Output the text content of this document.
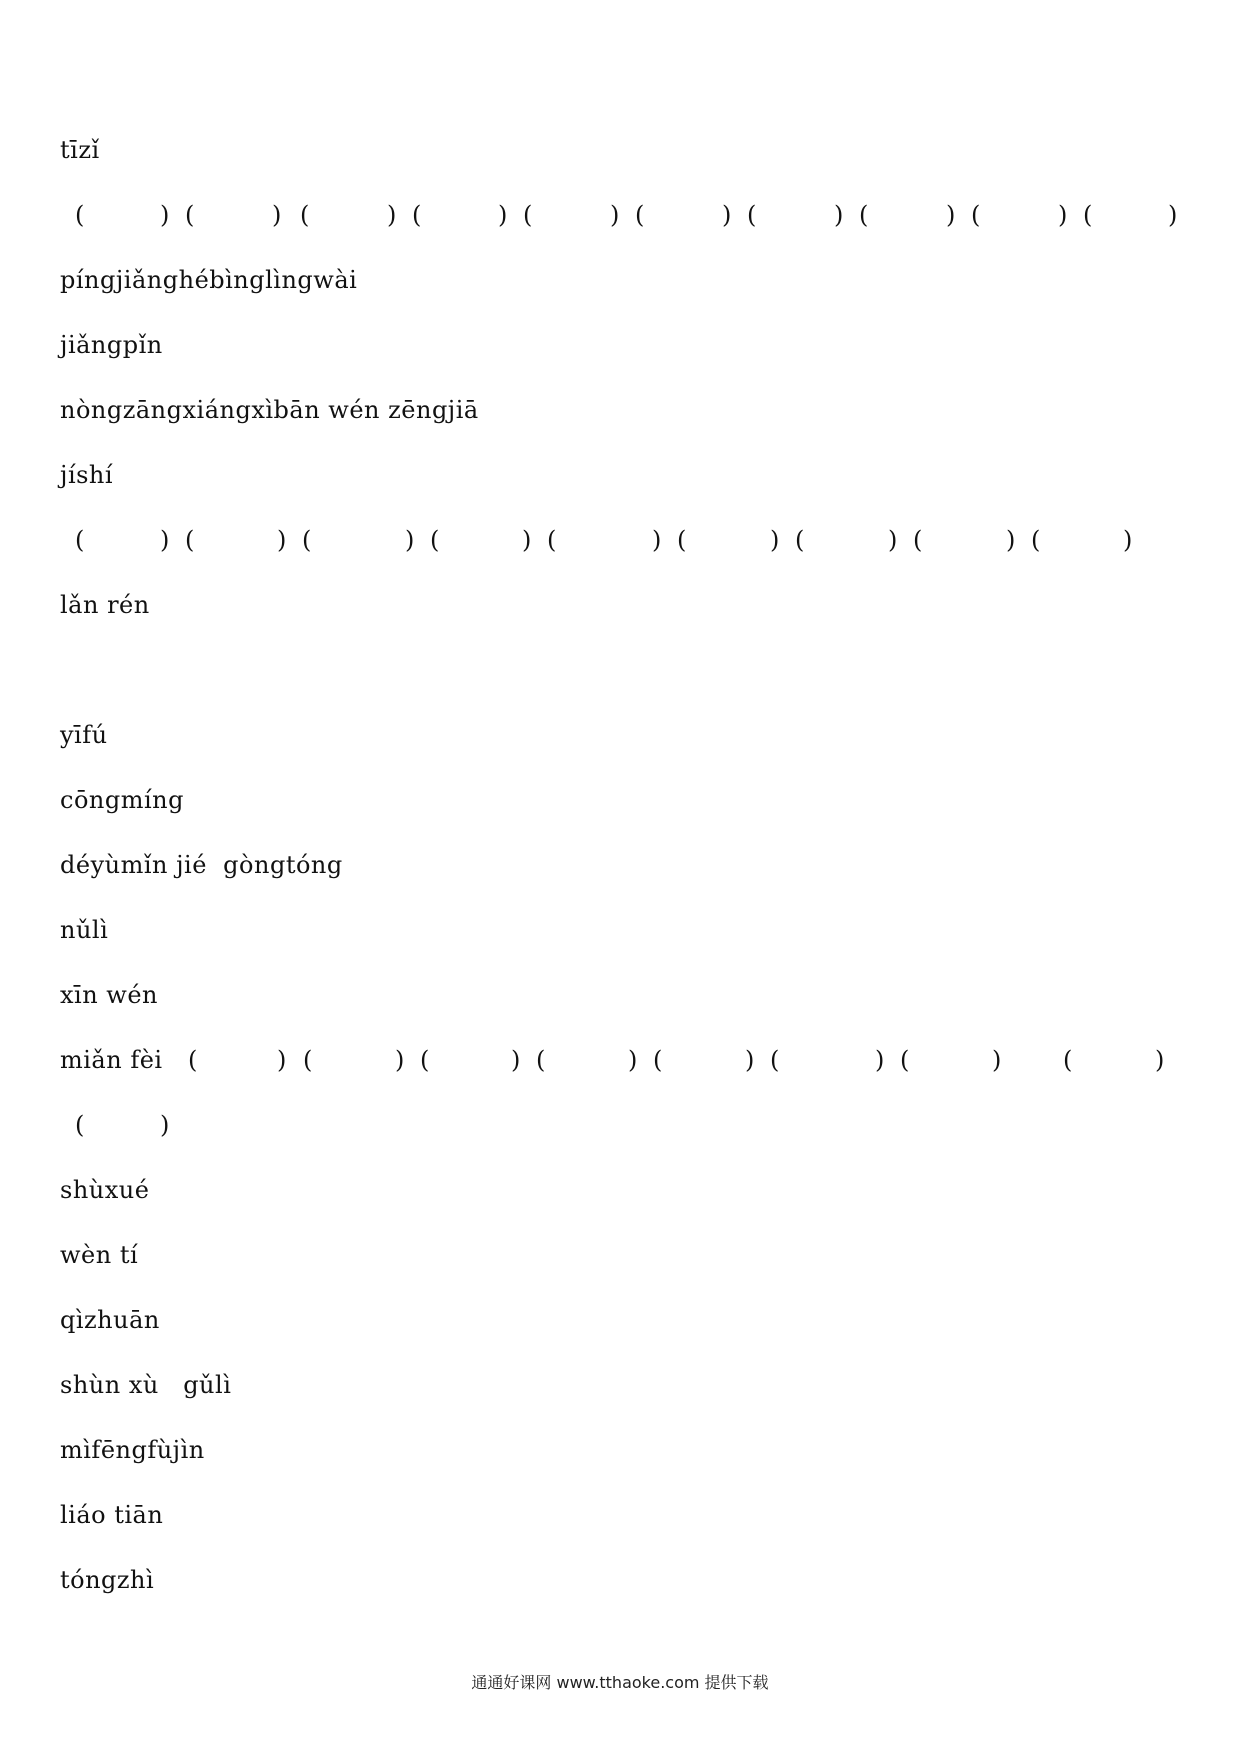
tīzǐ
(	) (	) (	) (	) (	) (	) (	) (	) (	) (	)
píngjiǎnghébìnglìngwài
jiǎngpǐn
nòngzāngxiángxìbān wén zēngjiā
jíshí
(	) (	) (	) (	) (	) (	) (	) (	) (	)
lǎn rén
yīfú
cōngmíng
déyùmǐn jié  gòngtóng
nǔlì
xīn wén
miǎn fèi (	) (	) (	) (	) (	) (	) (	)	(	)
(	)
shùxué
wèn tí
qìzhuān
shùn xù   gǔlì
mìfēngfùjìn
liáo tiān
tóngzhì
通通好课网 www.tthaoke.com 提供下载
